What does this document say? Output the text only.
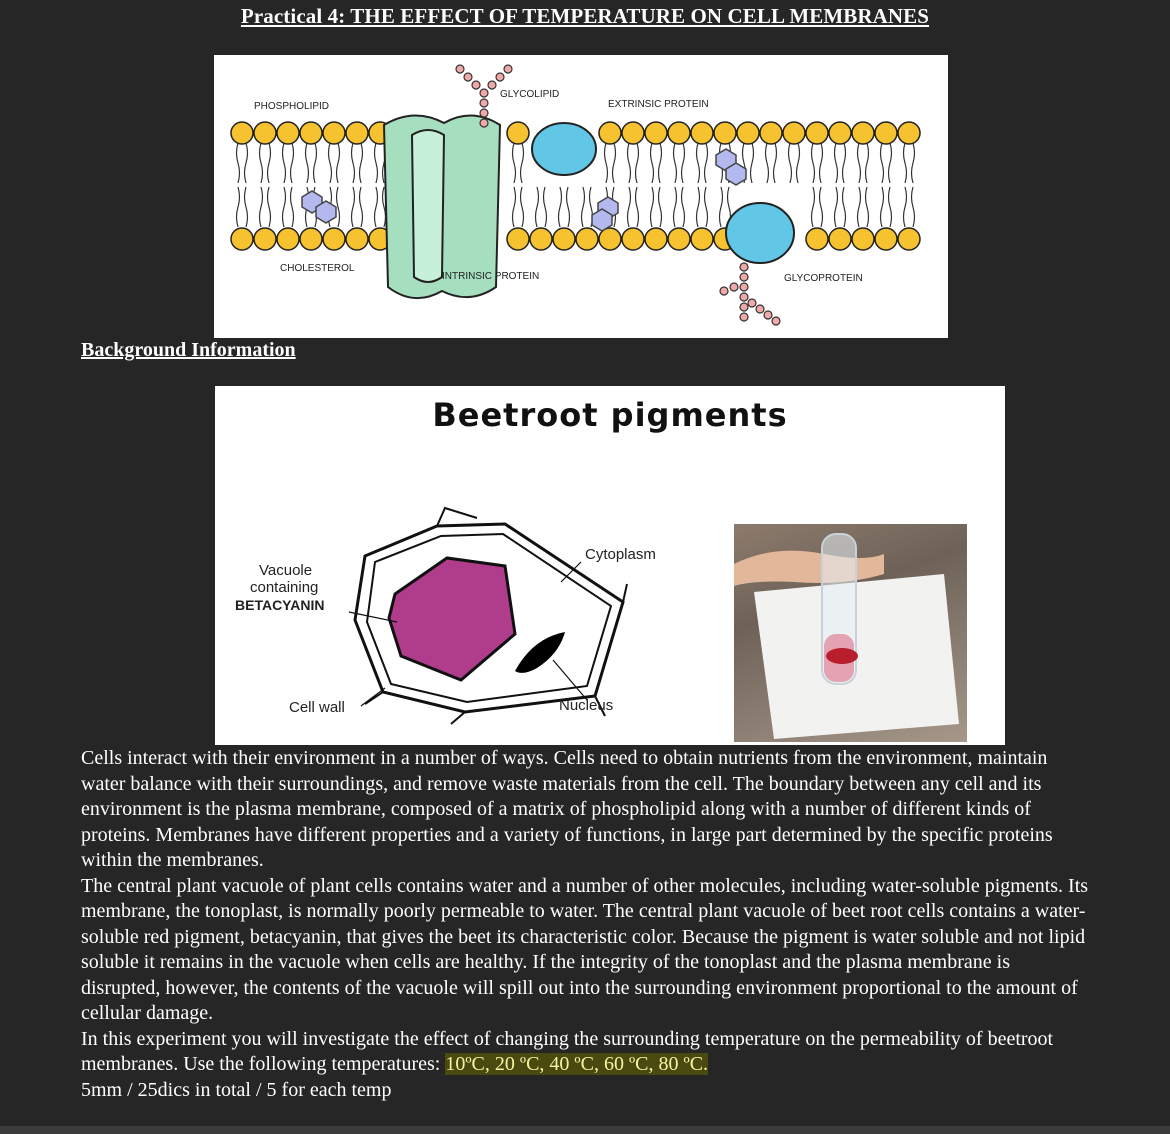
Practical 4: THE EFFECT OF TEMPERATURE ON CELL MEMBRANES
PHOSPHOLIPID
GLYCOLIPID
EXTRINSIC PROTEIN
CHOLESTEROL
INTRINSIC PROTEIN	GLYCOPROTEIN
Background Information
Beetroot pigments
Vacuole
containing
BETACYANIN
Cytoplasm
Cell wall	Nucleus

Cells interact with their environment in a number of ways. Cells need to obtain nutrients from the environment, maintain water balance with their surroundings, and remove waste materials from the cell. The boundary between any cell and its environment is the plasma membrane, composed of a matrix of phospholipid along with a number of different kinds of proteins. Membranes have different properties and a variety of functions, in large part determined by the specific proteins within the membranes.

The central plant vacuole of plant cells contains water and a number of other molecules, including water-soluble pigments. Its membrane, the tonoplast, is normally poorly permeable to water. The central plant vacuole of beet root cells contains a water-soluble red pigment, betacyanin, that gives the beet its characteristic color. Because the pigment is water soluble and not lipid soluble it remains in the vacuole when cells are healthy. If the integrity of the tonoplast and the plasma membrane is disrupted, however, the contents of the vacuole will spill out into the surrounding environment proportional to the amount of cellular damage.

In this experiment you will investigate the effect of changing the surrounding temperature on the permeability of beetroot membranes. Use the following temperatures: 10ºC, 20 ºC, 40 ºC, 60 ºC, 80 ºC.

5mm / 25dics in total / 5 for each temp
